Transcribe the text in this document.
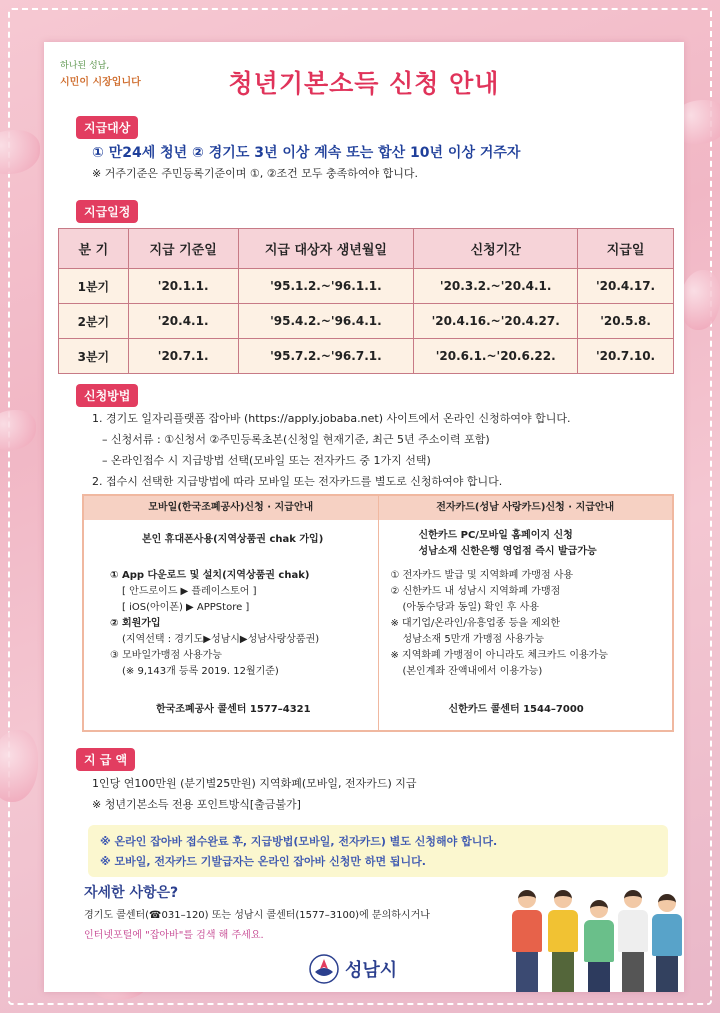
하나된 성남,
시민이 시장입니다	청년기본소득 신청 안내
지급대상
① 만24세 청년 ② 경기도 3년 이상 계속 또는 합산 10년 이상 거주자
※ 거주기준은 주민등록기준이며 ①, ②조건 모두 충족하여야 합니다.
지급일정
분 기	지급 기준일	지급 대상자 생년월일	신청기간	지급일
1분기	'20.1.1.	'95.1.2.~'96.1.1.	'20.3.2.~'20.4.1.	'20.4.17.
2분기	'20.4.1.	'95.4.2.~'96.4.1.	'20.4.16.~'20.4.27.	'20.5.8.
3분기	'20.7.1.	'95.7.2.~'96.7.1.	'20.6.1.~'20.6.22.	'20.7.10.
신청방법
1. 경기도 일자리플랫폼 잡아바 (https://apply.jobaba.net) 사이트에서 온라인 신청하여야 합니다.
– 신청서류 : ①신청서 ②주민등록초본(신청일 현재기준, 최근 5년 주소이력 포함)
– 온라인접수 시 지급방법 선택(모바일 또는 전자카드 중 1가지 선택)
2. 접수시 선택한 지급방법에 따라 모바일 또는 전자카드를 별도로 신청하여야 합니다.
모바일(한국조폐공사)신청 · 지급안내
본인 휴대폰사용(지역상품권 chak 가입)
① App 다운로드 및 설치(지역상품권 chak)
[ 안드로이드 ▶ 플레이스토어 ]
[ iOS(아이폰) ▶ APPStore ]
② 회원가입
(지역선택 : 경기도▶성남시▶성남사랑상품권)
③ 모바일가맹점 사용가능
(※ 9,143개 등록 2019. 12월기준)
한국조폐공사 콜센터 1577–4321
전자카드(성남 사랑카드)신청 · 지급안내
신한카드 PC/모바일 홈페이지 신청
성남소재 신한은행 영업점 즉시 발급가능
① 전자카드 발급 및 지역화폐 가맹점 사용
② 신한카드 내 성남시 지역화폐 가맹점
(아동수당과 동일) 확인 후 사용
※ 대기업/온라인/유흥업종 등을 제외한
성남소재 5만개 가맹점 사용가능
※ 지역화폐 가맹점이 아니라도 체크카드 이용가능
(본인계좌 잔액내에서 이용가능)
신한카드 콜센터 1544–7000
지 급 액
1인당 연100만원 (분기별25만원) 지역화폐(모바일, 전자카드) 지급
※ 청년기본소득 전용 포인트방식[출금불가]
※ 온라인 잡아바 접수완료 후, 지급방법(모바일, 전자카드) 별도 신청해야 합니다.
※ 모바일, 전자카드 기발급자는 온라인 잡아바 신청만 하면 됩니다.
자세한 사항은?
경기도 콜센터(☎031–120) 또는 성남시 콜센터(1577–3100)에 문의하시거나
인터넷포털에 "잡아바"를 검색 해 주세요.
성남시
